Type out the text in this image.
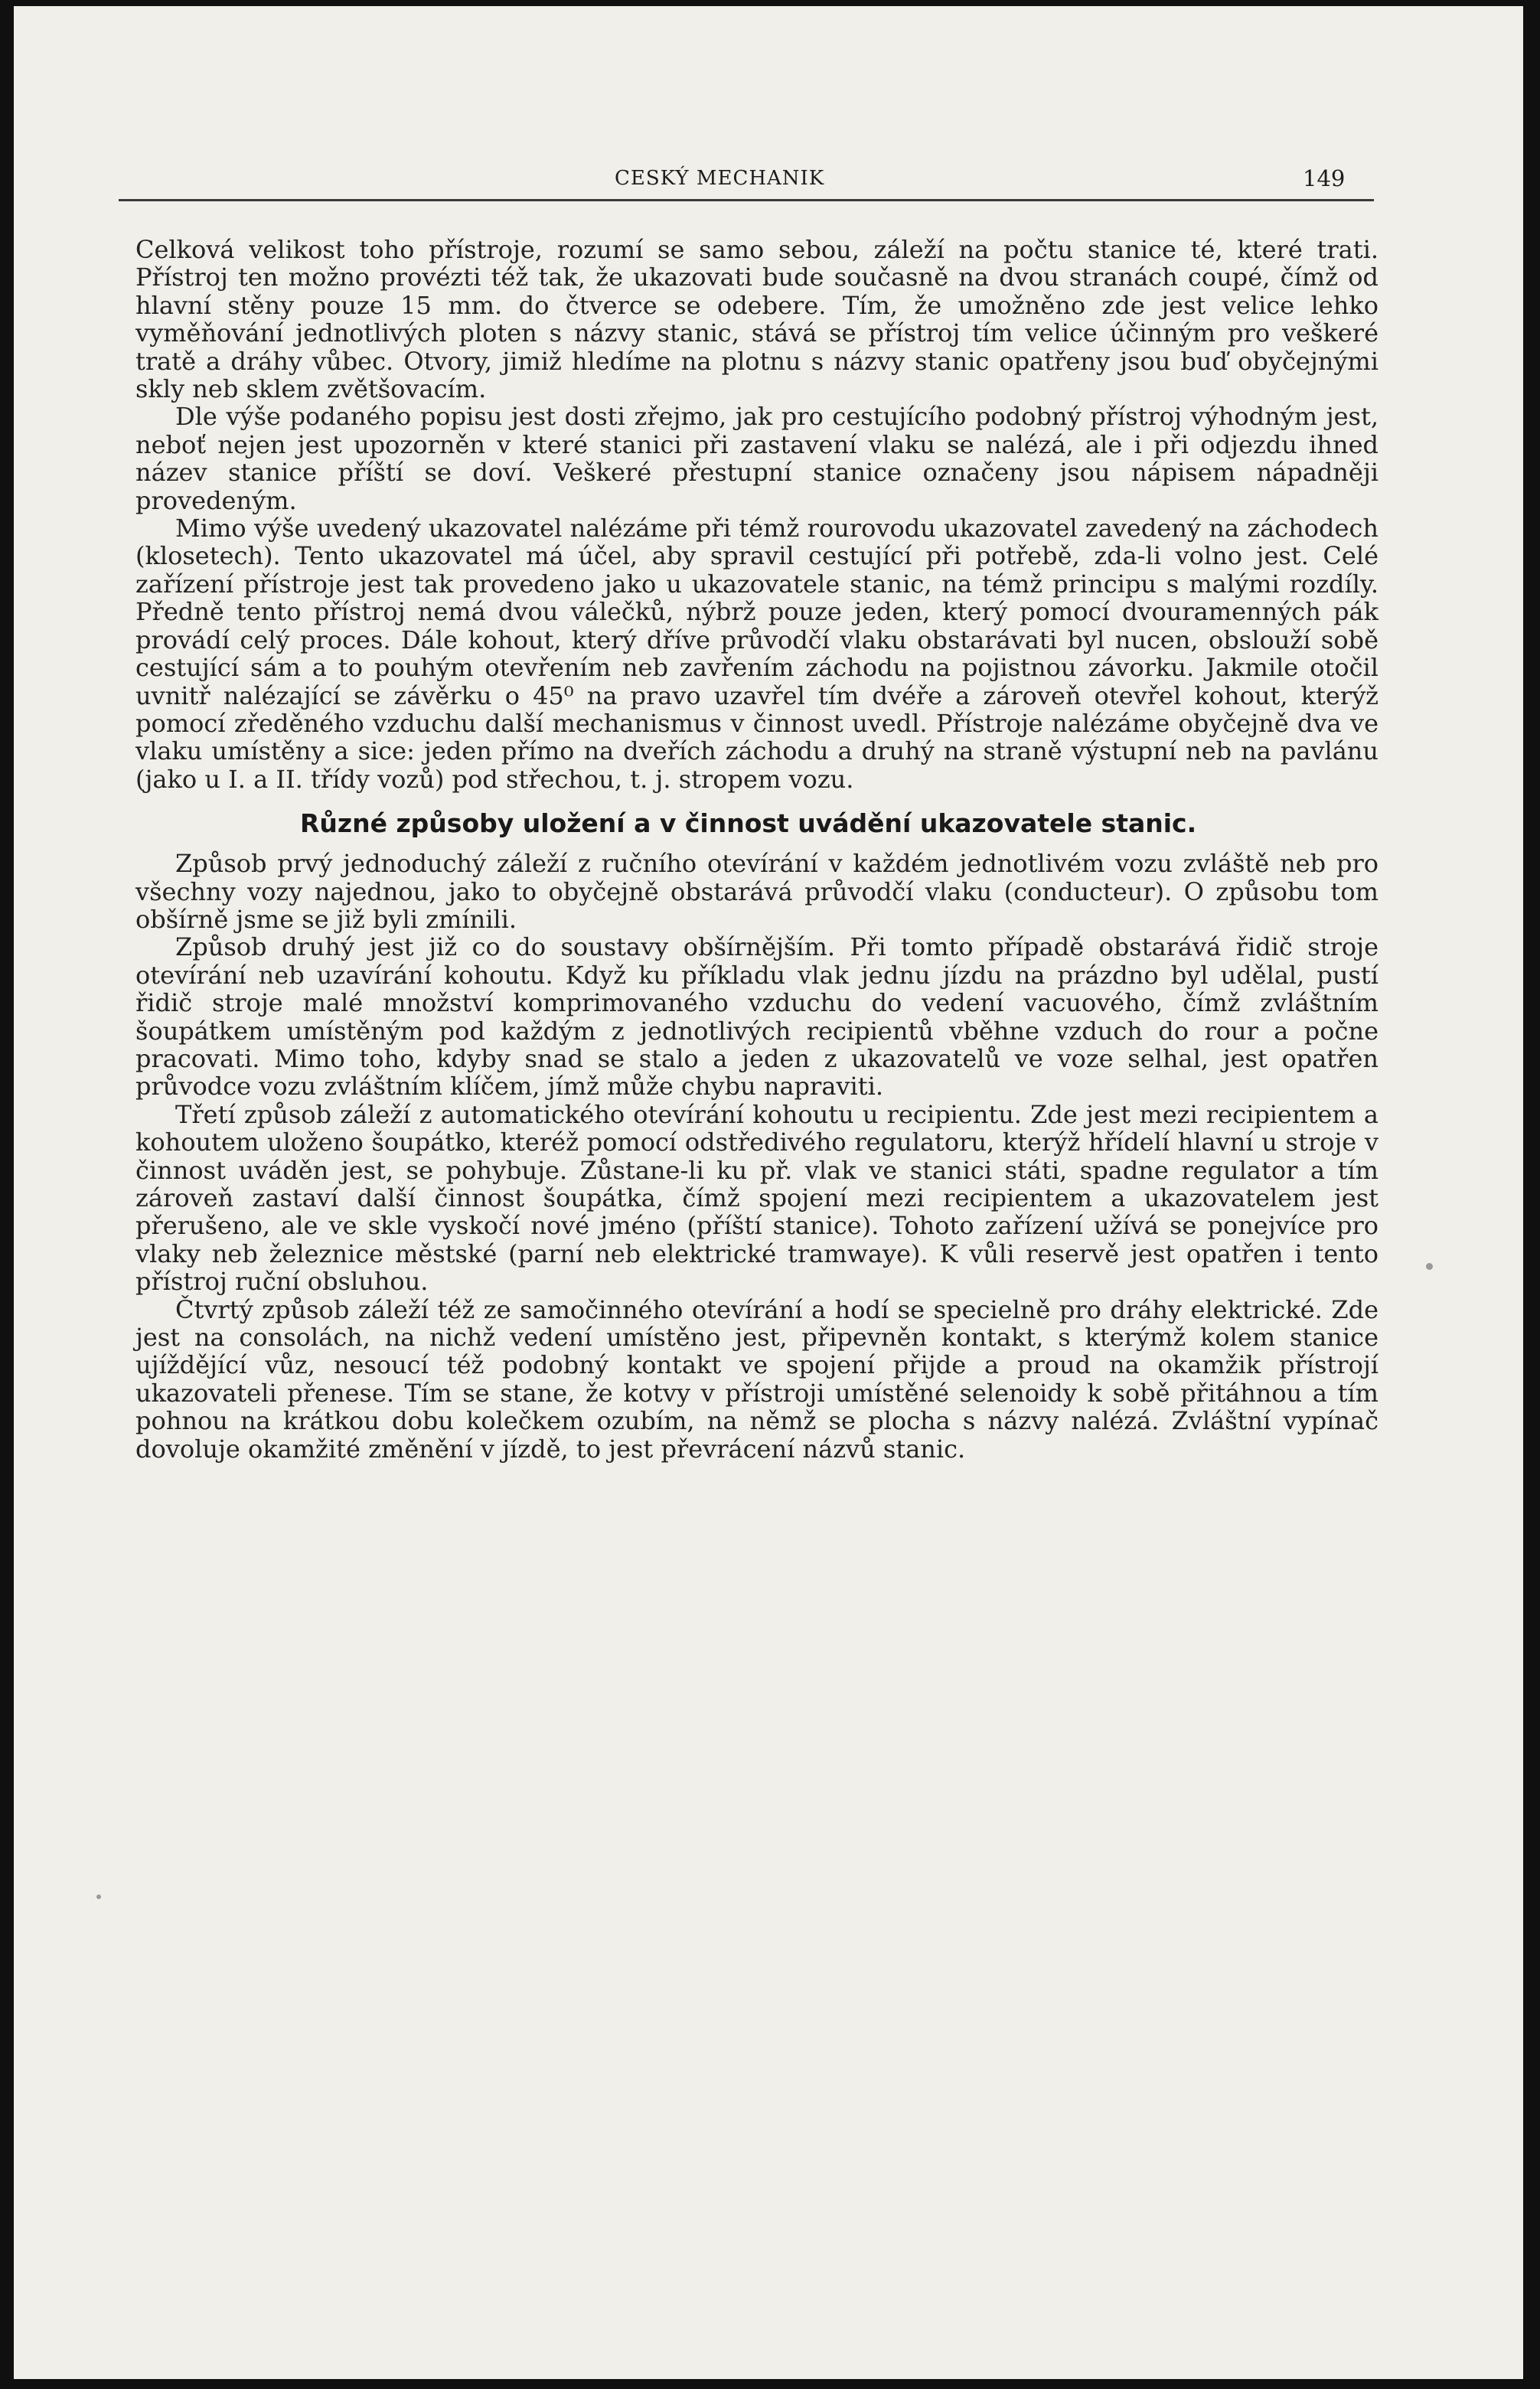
CESKÝ MECHANIK	149

Celková velikost toho přístroje, rozumí se samo sebou, záleží na počtu stanice té, které trati. Přístroj ten možno provézti též tak, že ukazovati bude současně na dvou stranách coupé, čímž od hlavní stěny pouze 15 mm. do čtverce se odebere. Tím, že umožněno zde jest velice lehko vyměňování jednotlivých ploten s názvy stanic, stává se přístroj tím velice účinným pro veškeré tratě a dráhy vůbec. Otvory, jimiž hledíme na plotnu s názvy stanic opatřeny jsou buď obyčejnými skly neb sklem zvětšovacím.

Dle výše podaného popisu jest dosti zřejmo, jak pro cestujícího podobný přístroj výhodným jest, neboť nejen jest upozorněn v které stanici při zastavení vlaku se nalézá, ale i při odjezdu ihned název stanice příští se doví. Veškeré přestupní stanice označeny jsou nápisem nápadněji provedeným.

Mimo výše uvedený ukazovatel nalézáme při témž rourovodu ukazovatel zavedený na záchodech (klosetech). Tento ukazovatel má účel, aby spravil cestující při potřebě, zda-li volno jest. Celé zařízení přístroje jest tak provedeno jako u ukazovatele stanic, na témž principu s malými rozdíly. Předně tento přístroj nemá dvou válečků, nýbrž pouze jeden, který pomocí dvouramenných pák provádí celý proces. Dále kohout, který dříve průvodčí vlaku obstarávati byl nucen, obslouží sobě cestující sám a to pouhým otevřením neb zavřením záchodu na pojistnou závorku. Jakmile otočil uvnitř nalézající se závěrku o 45⁰ na pravo uzavřel tím dvéře a zároveň otevřel kohout, kterýž pomocí zředěného vzduchu další mechanismus v činnost uvedl. Přístroje nalézáme obyčejně dva ve vlaku umístěny a sice: jeden přímo na dveřích záchodu a druhý na straně výstupní neb na pavlánu (jako u I. a II. třídy vozů) pod střechou, t. j. stropem vozu.

Různé způsoby uložení a v činnost uvádění ukazovatele stanic.

Způsob prvý jednoduchý záleží z ručního otevírání v každém jednotlivém vozu zvláště neb pro všechny vozy najednou, jako to obyčejně obstarává průvodčí vlaku (conducteur). O způsobu tom obšírně jsme se již byli zmínili.

Způsob druhý jest již co do soustavy obšírnějším. Při tomto případě obstarává řidič stroje otevírání neb uzavírání kohoutu. Když ku příkladu vlak jednu jízdu na prázdno byl udělal, pustí řidič stroje malé množství komprimovaného vzduchu do vedení vacuového, čímž zvláštním šoupátkem umístěným pod každým z jednotlivých recipientů vběhne vzduch do rour a počne pracovati. Mimo toho, kdyby snad se stalo a jeden z ukazovatelů ve voze selhal, jest opatřen průvodce vozu zvláštním klíčem, jímž může chybu napraviti.

Třetí způsob záleží z automatického otevírání kohoutu u recipientu. Zde jest mezi recipientem a kohoutem uloženo šoupátko, kteréž pomocí odstředivého regulatoru, kterýž hřídelí hlavní u stroje v činnost uváděn jest, se pohybuje. Zůstane-li ku př. vlak ve stanici státi, spadne regulator a tím zároveň zastaví další činnost šoupátka, čímž spojení mezi recipientem a ukazovatelem jest přerušeno, ale ve skle vyskočí nové jméno (příští stanice). Tohoto zařízení užívá se ponejvíce pro vlaky neb železnice městské (parní neb elektrické tramwaye). K vůli reservě jest opatřen i tento přístroj ruční obsluhou.

Čtvrtý způsob záleží též ze samočinného otevírání a hodí se specielně pro dráhy elektrické. Zde jest na consolách, na nichž vedení umístěno jest, připevněn kontakt, s kterýmž kolem stanice ujíždějící vůz, nesoucí též podobný kontakt ve spojení přijde a proud na okamžik přístrojí ukazovateli přenese. Tím se stane, že kotvy v přístroji umístěné selenoidy k sobě přitáhnou a tím pohnou na krátkou dobu kolečkem ozubím, na němž se plocha s názvy nalézá. Zvláštní vypínač dovoluje okamžité změnění v jízdě, to jest převrácení názvů stanic.
